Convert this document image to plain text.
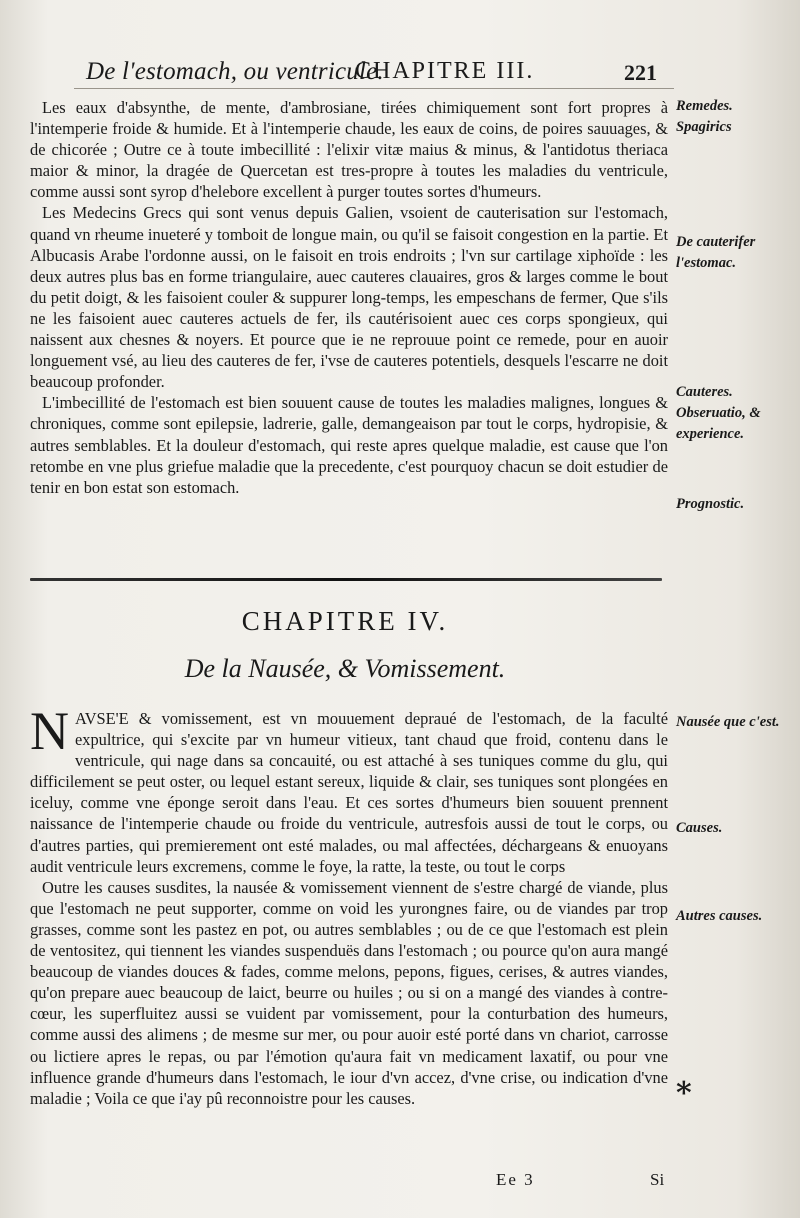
De l'estomach, ou ventricule.
CHAPITRE III.	221

Les eaux d'absynthe, de mente, d'ambrosiane, tirées chimiquement sont fort propres à l'intemperie froide & humide. Et à l'intemperie chaude, les eaux de coins, de poires sauuages, & de chicorée ; Outre ce à toute imbecillité : l'elixir vitæ maius & minus, & l'antidotus theriaca maior & minor, la dragée de Quercetan est tres-propre à toutes les maladies du ventricule, comme aussi sont syrop d'helebore excellent à purger toutes sortes d'humeurs.

Les Medecins Grecs qui sont venus depuis Galien, vsoient de cauterisation sur l'estomach, quand vn rheume inueteré y tomboit de longue main, ou qu'il se faisoit congestion en la partie. Et Albucasis Arabe l'ordonne aussi, on le faisoit en trois endroits ; l'vn sur cartilage xiphoïde : les deux autres plus bas en forme triangulaire, auec cauteres clauaires, gros & larges comme le bout du petit doigt, & les faisoient couler & suppurer long-temps, les empeschans de fermer, Que s'ils ne les faisoient auec cauteres actuels de fer, ils cautérisoient auec ces corps spongieux, qui naissent aux chesnes & noyers. Et pource que ie ne reprouue point ce remede, pour en auoir longuement vsé, au lieu des cauteres de fer, i'vse de cauteres potentiels, desquels l'escarre ne doit beaucoup profonder.

L'imbecillité de l'estomach est bien souuent cause de toutes les maladies malignes, longues & chroniques, comme sont epilepsie, ladrerie, galle, demangeaison par tout le corps, hydropisie, & autres semblables. Et la douleur d'estomach, qui reste apres quelque maladie, est cause que l'on retombe en vne plus griefue maladie que la precedente, c'est pourquoy chacun se doit estudier de tenir en bon estat son estomach.

Remedes. Spagirics
De cauterifer l'estomac.
Cauteres. Obseruatio, & experience.
Prognostic.
CHAPITRE IV.
De la Nausée, & Vomissement.

NAVSE'E & vomissement, est vn mouuement depraué de l'estomach, de la faculté expultrice, qui s'excite par vn humeur vitieux, tant chaud que froid, contenu dans le ventricule, qui nage dans sa concauité, ou est attaché à ses tuniques comme du glu, qui difficilement se peut oster, ou lequel estant sereux, liquide & clair, ses tuniques sont plongées en iceluy, comme vne éponge seroit dans l'eau. Et ces sortes d'humeurs bien souuent prennent naissance de l'intemperie chaude ou froide du ventricule, autresfois aussi de tout le corps, ou d'autres parties, qui premierement ont esté malades, ou mal affectées, déchargeans & enuoyans audit ventricule leurs excremens, comme le foye, la ratte, la teste, ou tout le corps

Outre les causes susdites, la nausée & vomissement viennent de s'estre chargé de viande, plus que l'estomach ne peut supporter, comme on void les yurongnes faire, ou de viandes par trop grasses, comme sont les pastez en pot, ou autres semblables ; ou de ce que l'estomach est plein de ventositez, qui tiennent les viandes suspenduës dans l'estomach ; ou pource qu'on aura mangé beaucoup de viandes douces & fades, comme melons, pepons, figues, cerises, & autres viandes, qu'on prepare auec beaucoup de laict, beurre ou huiles ; ou si on a mangé des viandes à contre-cœur, les superfluitez aussi se vuident par vomissement, pour la conturbation des humeurs, comme aussi des alimens ; de mesme sur mer, ou pour auoir esté porté dans vn chariot, carrosse ou lictiere apres le repas, ou par l'émotion qu'aura fait vn medicament laxatif, ou pour vne influence grande d'humeurs dans l'estomach, le iour d'vn accez, d'vne crise, ou indication d'vne maladie ; Voila ce que i'ay pû reconnoistre pour les causes.

Nausée que c'est.
Causes.
Autres causes.
*
Ee 3	Si
